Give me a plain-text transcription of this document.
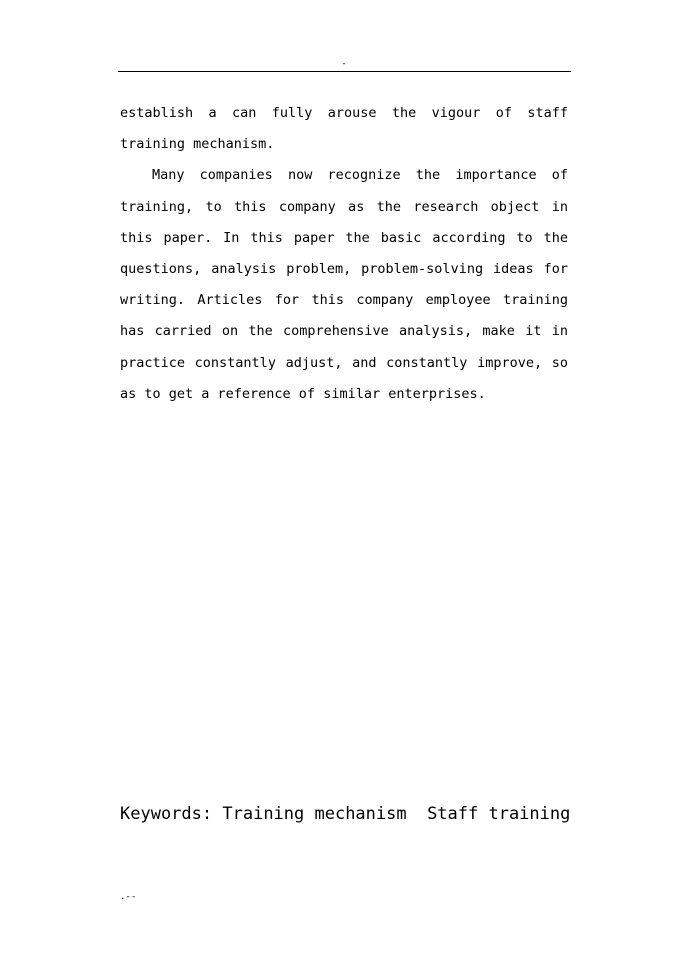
-

establish a can fully arouse the vigour of staff training mechanism.

Many companies now recognize the importance of training, to this company as the research object in this paper. In this paper the basic according to the questions, analysis problem, problem-solving ideas for writing. Articles for this company employee training has carried on the comprehensive analysis, make it in practice constantly adjust, and constantly improve, so as to get a reference of similar enterprises.

Keywords: Training mechanism  Staff training

.--
